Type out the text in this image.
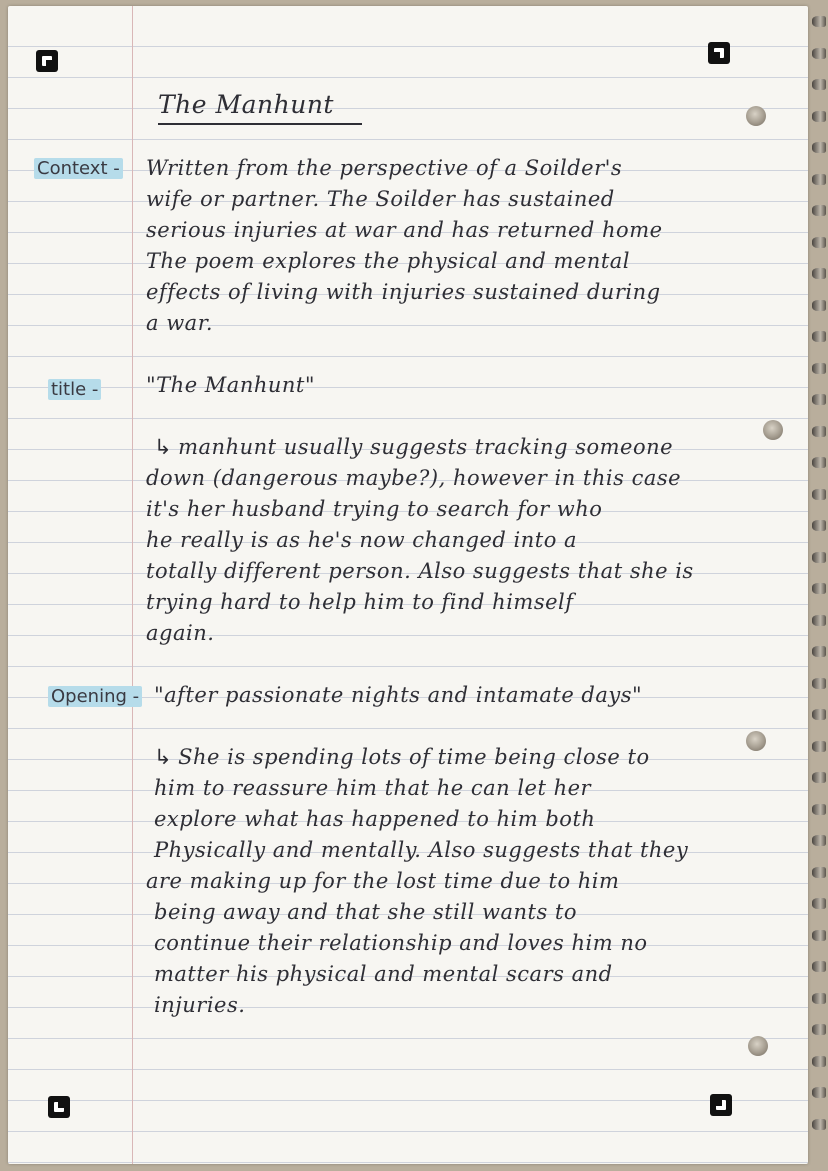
The Manhunt
Context - Written from the perspective of a Soilder's
wife or partner. The Soilder has sustained
serious injuries at war and has returned home
The poem explores the physical and mental
effects of living with injuries sustained during
a war.
title - "The Manhunt"
↳ manhunt usually suggests tracking someone
down (dangerous maybe?), however in this case
it's her husband trying to search for who
he really is as he's now changed into a
totally different person. Also suggests that she is
trying hard to help him to find himself
again.
Opening - "after passionate nights and intamate days"
↳ She is spending lots of time being close to
him to reassure him that he can let her
explore what has happened to him both
Physically and mentally. Also suggests that they
are making up for the lost time due to him
being away and that she still wants to
continue their relationship and loves him no
matter his physical and mental scars and
injuries.
